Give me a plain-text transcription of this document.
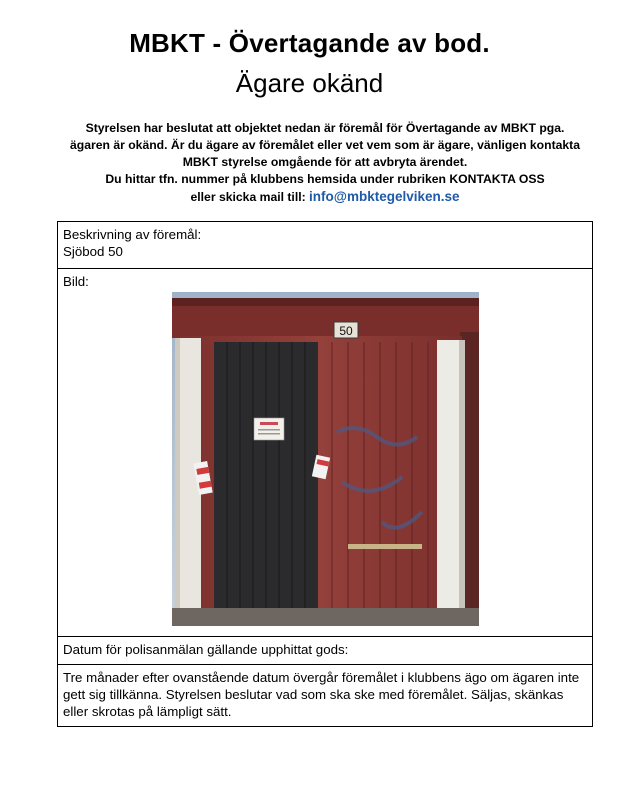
MBKT - Övertagande av bod.
Ägare okänd
Styrelsen har beslutat att objektet nedan är föremål för Övertagande av MBKT pga.
ägaren är okänd. Är du ägare av föremålet eller vet vem som är ägare, vänligen kontakta
MBKT styrelse omgående för att avbryta ärendet.
Du hittar tfn. nummer på klubbens hemsida under rubriken KONTAKTA OSS
eller skicka mail till: info@mbktegelviken.se
Beskrivning av föremål:
Sjöbod 50

Bild:
50

Datum för polisanmälan gällande upphittat gods:
Tre månader efter ovanstående datum övergår föremålet i klubbens ägo om ägaren inte gett sig tillkänna. Styrelsen beslutar vad som ska ske med föremålet. Säljas, skänkas eller skrotas på lämpligt sätt.
